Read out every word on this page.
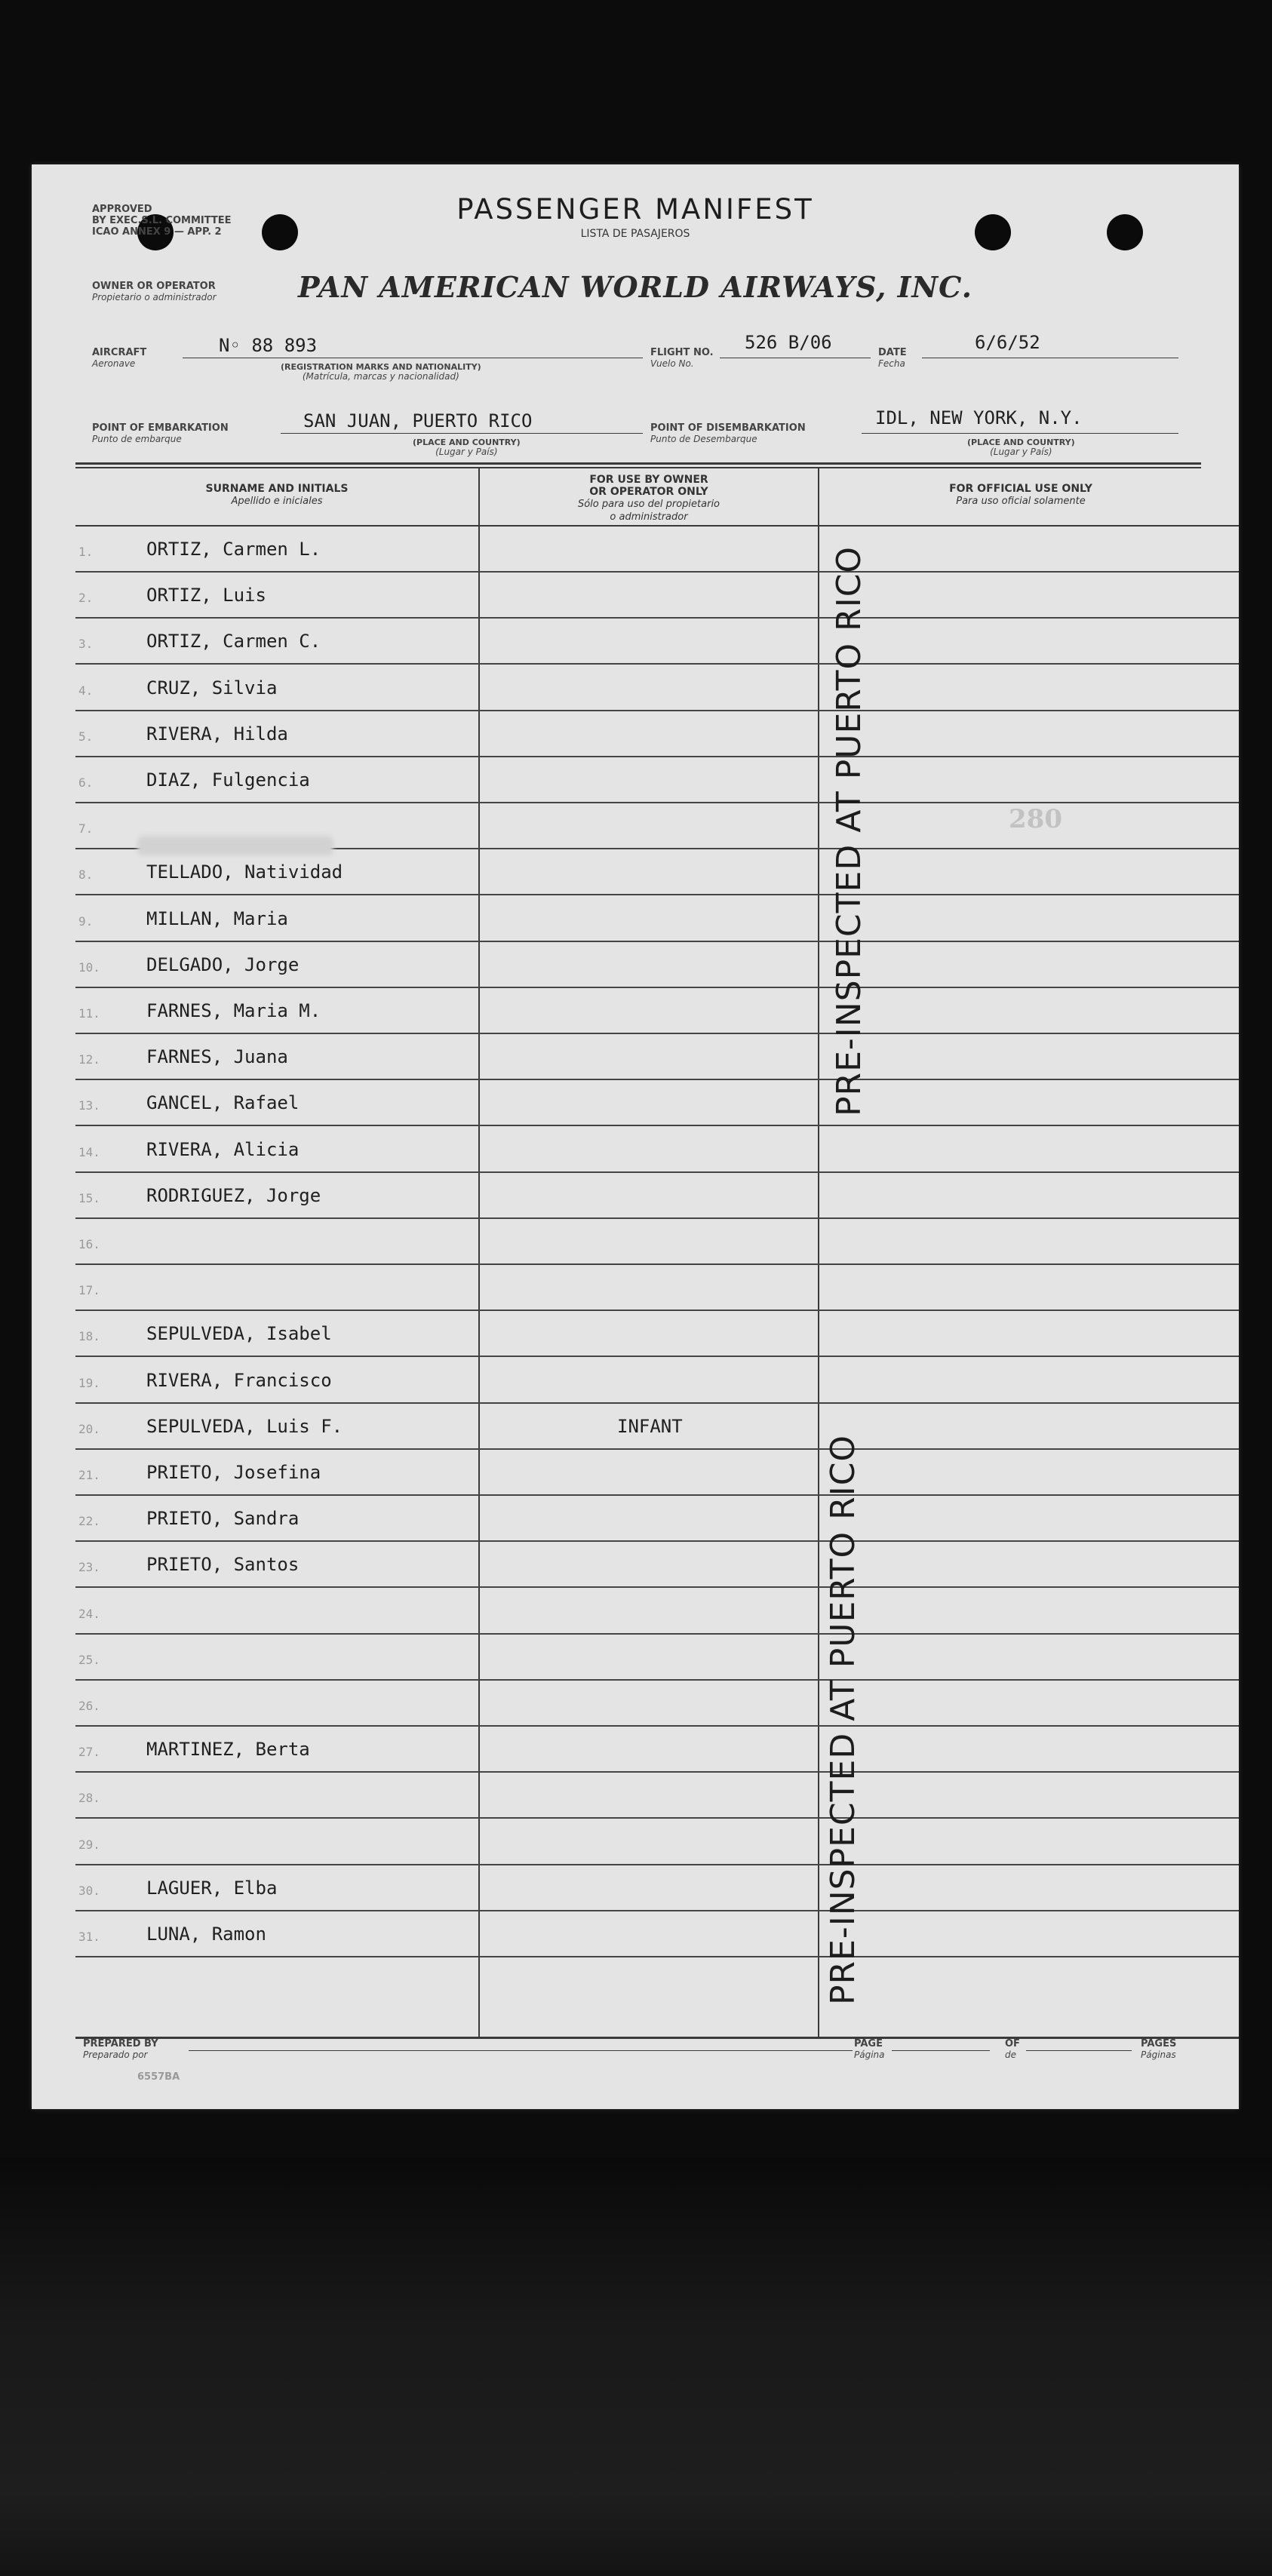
APPROVED
BY EXEC.S.L. COMMITTEE
ICAO ANNEX 9 — APP. 2
PASSENGER MANIFEST
LISTA DE PASAJEROS
OWNER OR OPERATOR
Propietario o administrador	PAN AMERICAN WORLD AIRWAYS, INC.
AIRCRAFT
Aeronave
N◦ 88 893
(REGISTRATION MARKS AND NATIONALITY)
(Matrícula, marcas y nacionalidad)
FLIGHT NO.
Vuelo No.
526 B/06	DATE
Fecha
6/6/52
POINT OF EMBARKATION
Punto de embarque
SAN JUAN, PUERTO RICO
(PLACE AND COUNTRY)
(Lugar y País)
POINT OF DISEMBARKATION
Punto de Desembarque
IDL, NEW YORK, N.Y.
(PLACE AND COUNTRY)
(Lugar y País)
SURNAME AND INITIALS
Apellido e iniciales
FOR USE BY OWNER
OR OPERATOR ONLY
Sólo para uso del propietario
o administrador
FOR OFFICIAL USE ONLY
Para uso oficial solamente
1.	ORTIZ, Carmen L.
2.	ORTIZ, Luis
3.	ORTIZ, Carmen C.
4.	CRUZ, Silvia
5.	RIVERA, Hilda
6.	DIAZ, Fulgencia
7.
8.	TELLADO, Natividad
9.	MILLAN, Maria
10.	DELGADO, Jorge
11.	FARNES, Maria M.
12.	FARNES, Juana
13.	GANCEL, Rafael
14.	RIVERA, Alicia
15.	RODRIGUEZ, Jorge
16.
17.
18.	SEPULVEDA, Isabel
19.	RIVERA, Francisco
20.	SEPULVEDA, Luis F.	INFANT
21.	PRIETO, Josefina
22.	PRIETO, Sandra
23.	PRIETO, Santos
24.
25.
26.
27.	MARTINEZ, Berta
28.
29.
30.	LAGUER, Elba
31.	LUNA, Ramon
280
PRE-INSPECTED AT PUERTO RICO
PRE-INSPECTED AT PUERTO RICO
PREPARED BY
Preparado por
PAGE
Página
OF
de
PAGES
Páginas
6557BA
